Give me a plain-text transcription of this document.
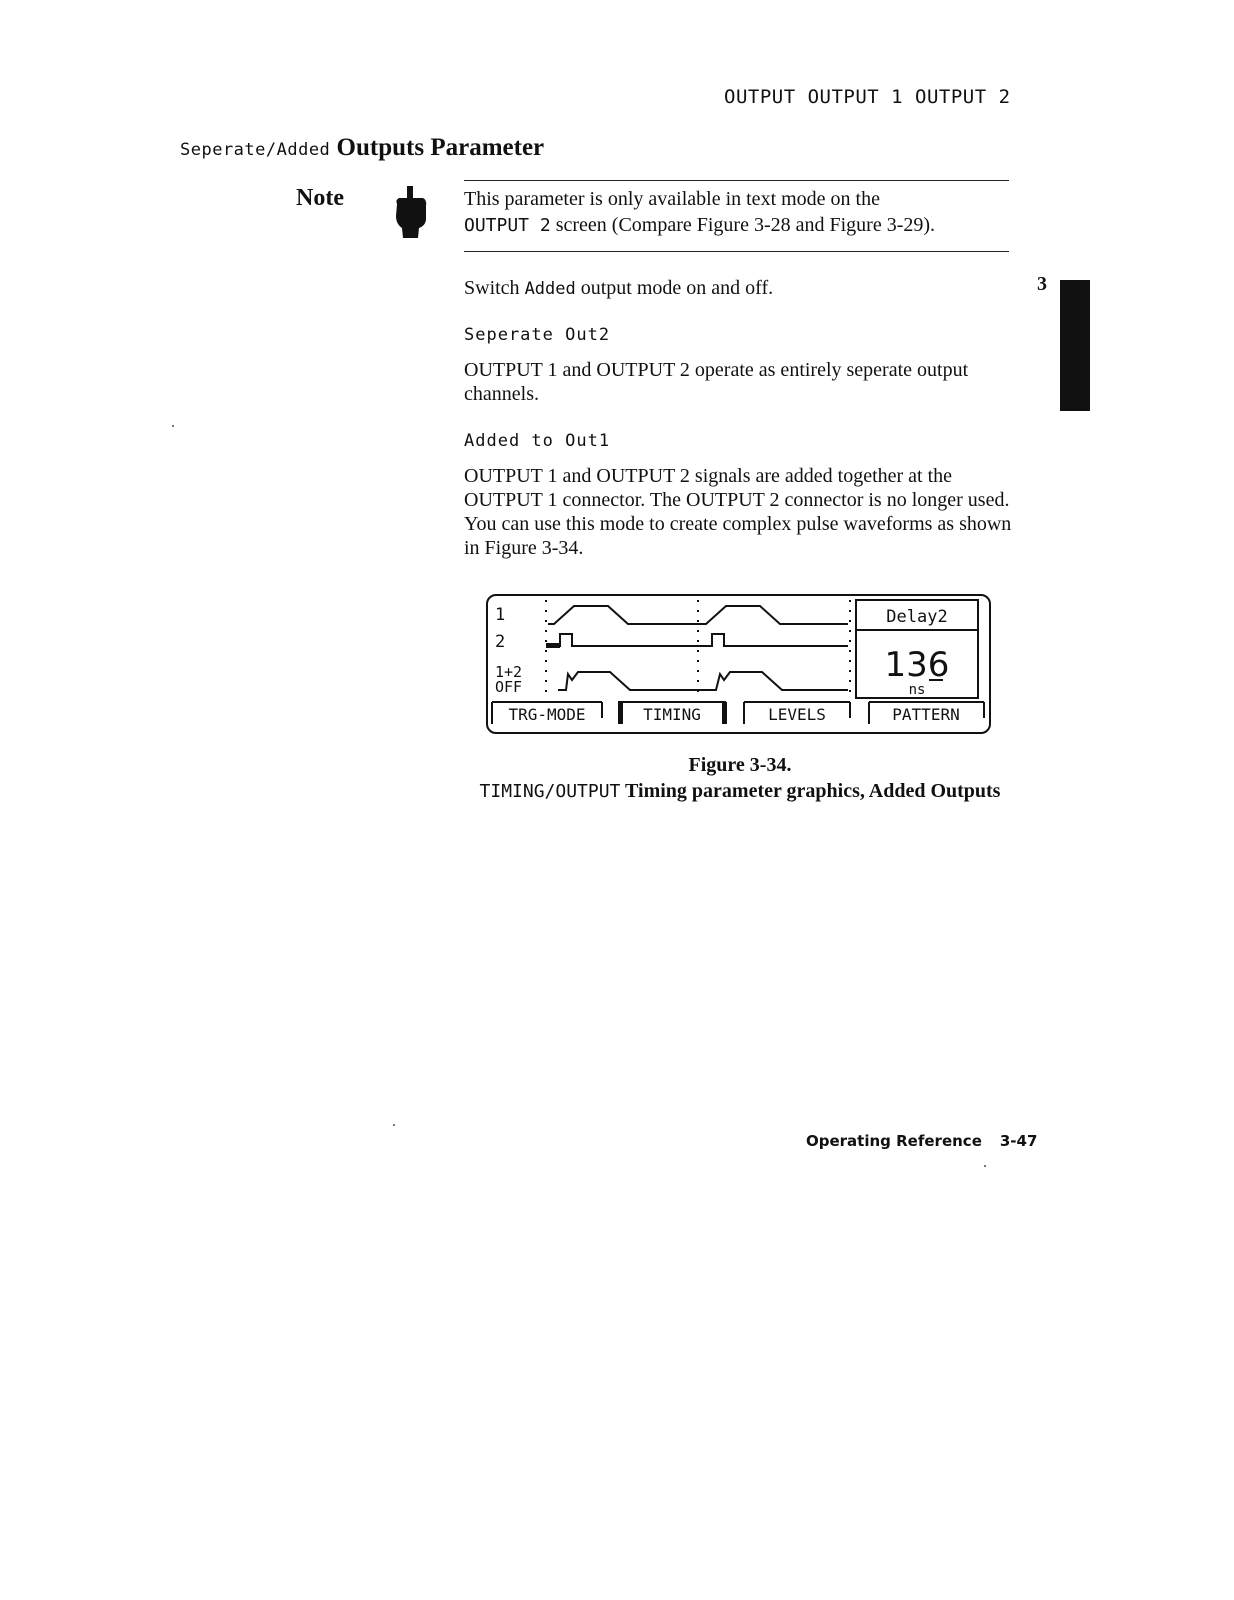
OUTPUT OUTPUT 1 OUTPUT 2
Seperate/Added Outputs Parameter
Note	This parameter is only available in text mode on the
OUTPUT 2 screen (Compare Figure 3-28 and Figure 3-29).
Switch Added output mode on and off.
Seperate Out2
OUTPUT 1 and OUTPUT 2 operate as entirely seperate output channels.
Added to Out1
OUTPUT 1 and OUTPUT 2 signals are added together at the OUTPUT 1 connector. The OUTPUT 2 connector is no longer used. You can use this mode to create complex pulse waveforms as shown in Figure 3-34.
3
1
2
1+2
OFF
Delay2
136
ns
TRG-MODE	TIMING	LEVELS	PATTERN
Figure 3-34.
TIMING/OUTPUT Timing parameter graphics, Added Outputs
Operating Reference 3-47
